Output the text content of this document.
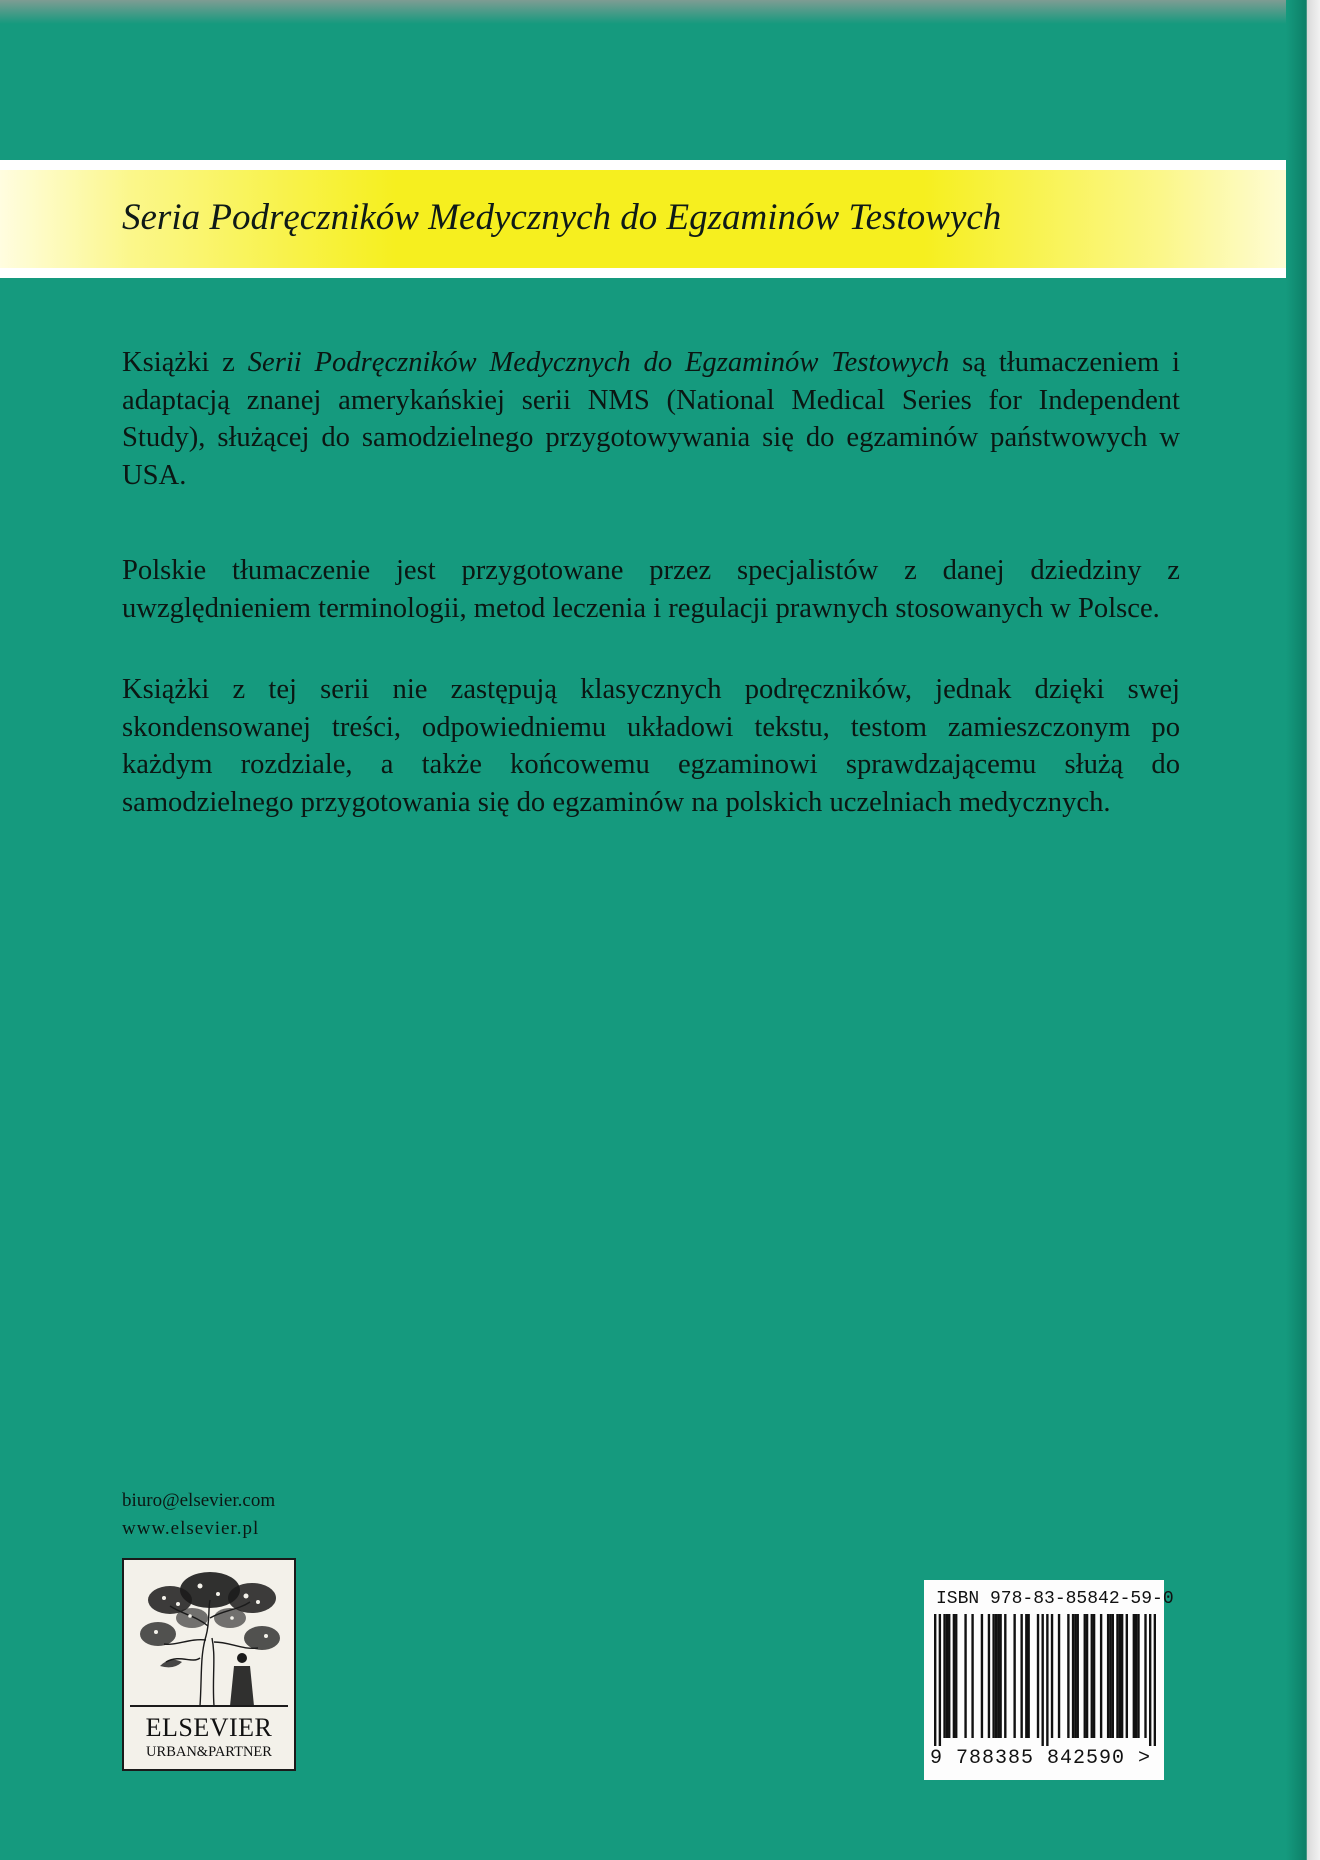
Seria Podręczników Medycznych do Egzaminów Testowych

Książki z Serii Podręczników Medycznych do Egzaminów Testowych są tłumaczeniem i adaptacją znanej amerykańskiej serii NMS (National Medical Series for Independent Study), służącej do samodzielnego przygotowywania się do egzaminów państwowych w USA.

Polskie tłumaczenie jest przygotowane przez specjalistów z danej dziedziny z uwzględnieniem terminologii, metod leczenia i regulacji prawnych stosowanych w Polsce.

Książki z tej serii nie zastępują klasycznych podręczników, jednak dzięki swej skondensowanej treści, odpowiedniemu układowi tekstu, testom zamieszczonym po każdym rozdziale, a także końcowemu egzaminowi sprawdzającemu służą do samodzielnego przygotowania się do egzaminów na polskich uczelniach medycznych.

biuro@elsevier.com
www.elsevier.pl
ELSEVIER
URBAN&PARTNER
ISBN 978-83-85842-59-0
9 788385 842590 >
